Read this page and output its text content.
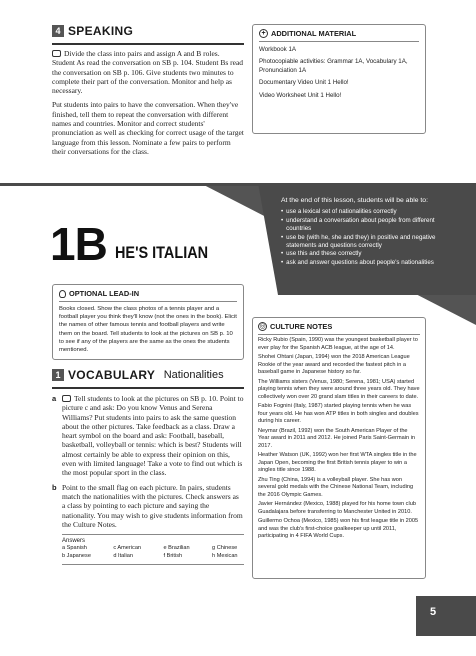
4 SPEAKING

Divide the class into pairs and assign A and B roles. Student As read the conversation on SB p. 104. Student Bs read the conversation on SB p. 106. Give students two minutes to complete their part of the conversation. Monitor and help as necessary.

Put students into pairs to have the conversation. When they've finished, tell them to repeat the conversation with different names and countries. Monitor and correct students' pronunciation as well as checking for correct usage of the target language from this lesson. Nominate a few pairs to perform their conversations for the class.

+ ADDITIONAL MATERIAL
Workbook 1A
Photocopiable activities: Grammar 1A, Vocabulary 1A, Pronunciation 1A
Documentary Video Unit 1 Hello!
Video Worksheet Unit 1 Hello!
1B HE'S ITALIAN
At the end of this lesson, students will be able to:
• use a lexical set of nationalities correctly
• understand a conversation about people from different countries
• use be (with he, she and they) in positive and negative statements and questions correctly
• use this and these correctly
• ask and answer questions about people's nationalities
OPTIONAL LEAD-IN

Books closed. Show the class photos of a tennis player and a football player you think they'll know (not the ones in the book). Elicit the names of other famous tennis and football players and write them on the board. Tell students to look at the pictures on SB p. 10 to see if any of the players are the same as the ones the students mentioned.

1 VOCABULARY Nationalities
a	Tell students to look at the pictures on SB p. 10. Point to picture c and ask: Do you know Venus and Serena Williams? Put students into pairs to ask the same question about the other pictures. Take feedback as a class. Draw a heart symbol on the board and ask: Football, baseball, basketball, volleyball or tennis: which is best? Students will almost certainly be able to express their opinion on this, even with limited language! Take a vote to find out which is the most popular sport in the class.

b Point to the small flag on each picture. In pairs, students match the nationalities with the pictures. Check answers as a class by pointing to each picture and saying the nationality. You may wish to give students information from the Culture Notes.

Answers
a Spanish	c American	e Brazilian	g Chinese
b Japanese	d Italian	f British	h Mexican
◎ CULTURE NOTES

Ricky Rubio (Spain, 1990) was the youngest basketball player to ever play for the Spanish ACB league, at the age of 14.

Shohei Ohtani (Japan, 1994) won the 2018 American League Rookie of the year award and recorded the fastest pitch in a baseball game in Japanese history so far.

The Williams sisters (Venus, 1980; Serena, 1981; USA) started playing tennis when they were around three years old. They have collectively won over 20 grand slam titles in their careers to date.

Fabio Fognini (Italy, 1987) started playing tennis when he was four years old. He has won ATP titles in both singles and doubles during his career.

Neymar (Brazil, 1992) won the South American Player of the Year award in 2011 and 2012. He joined Paris Saint-Germain in 2017.

Heather Watson (UK, 1992) won her first WTA singles title in the Japan Open, becoming the first British tennis player to win a singles title since 1988.

Zhu Ting (China, 1994) is a volleyball player. She has won several gold medals with the Chinese National Team, including the 2016 Olympic Games.

Javier Hernández (Mexico, 1988) played for his home town club Guadalajara before transferring to Manchester United in 2010.

Guillermo Ochoa (Mexico, 1985) won his first league title in 2005 and was the club's first-choice goalkeeper up until 2011, participating in 4 FIFA World Cups.

5
